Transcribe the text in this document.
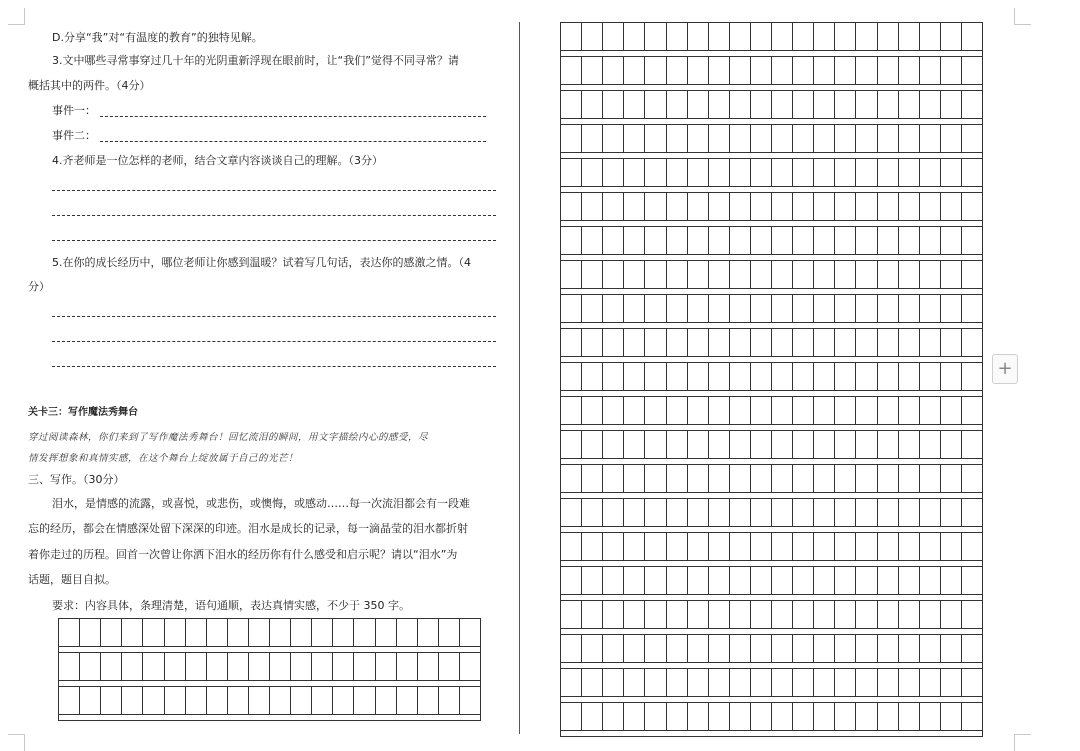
D.分享“我”对“有温度的教育”的独特见解。
3.文中哪些寻常事穿过几十年的光阴重新浮现在眼前时，让“我们”觉得不同寻常？请
概括其中的两件。（4分）
事件一：
事件二：
4.齐老师是一位怎样的老师，结合文章内容谈谈自己的理解。（3分）
5.在你的成长经历中，哪位老师让你感到温暖？试着写几句话，表达你的感激之情。（4
分）
关卡三：写作魔法秀舞台
穿过阅读森林，你们来到了写作魔法秀舞台！回忆流泪的瞬间，用文字描绘内心的感受，尽
情发挥想象和真情实感，在这个舞台上绽放属于自己的光芒！
三、写作。（30分）
泪水，是情感的流露，或喜悦，或悲伤，或懊悔，或感动……每一次流泪都会有一段难
忘的经历，都会在情感深处留下深深的印迹。泪水是成长的记录，每一滴晶莹的泪水都折射
着你走过的历程。回首一次曾让你洒下泪水的经历你有什么感受和启示呢？请以“泪水”为
话题，题目自拟。
要求：内容具体，条理清楚，语句通顺，表达真情实感，不少于 350 字。
+
